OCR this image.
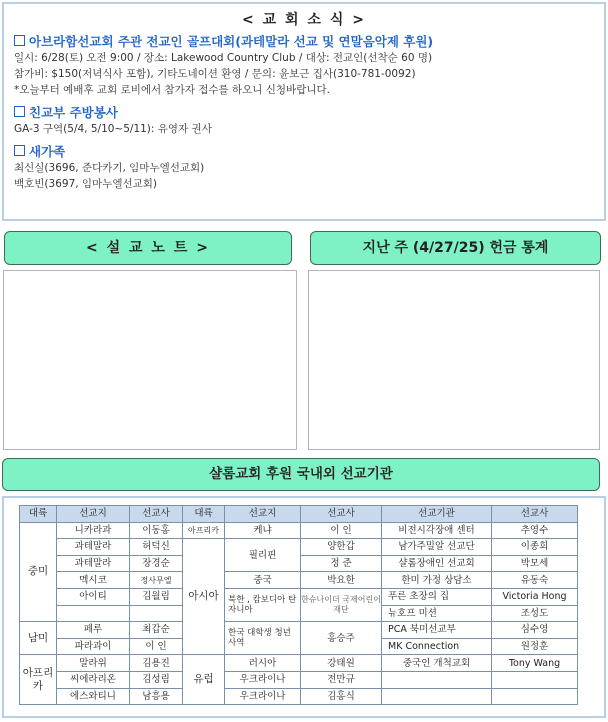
< 교 회 소 식 >
아브라함선교회 주관 전교인 골프대회(과테말라 선교 및 연말음악제 후원)
일시: 6/28(토) 오전 9:00 / 장소: Lakewood Country Club / 대상: 전교인(선착순 60 명)
참가비: $150(저녁식사 포함), 기타도네이션 환영 / 문의: 윤보근 집사(310-781-0092)
*오늘부터 예배후 교회 로비에서 참가자 접수를 하오니 신청바랍니다.
친교부 주방봉사
GA-3 구역(5/4, 5/10~5/11): 유영자 권사
새가족
최신실(3696, 준다카기, 임마누엘선교회)
백호빈(3697, 임마누엘선교회)
< 설 교 노 트 >	지난 주 (4/27/25) 헌금 통계
샬롬교회 후원 국내외 선교기관
대륙	선교지	선교사	대륙	선교지	선교사	선교기관	선교사
중미	니카라과	이동홍	아프리카	케냐	이 인	비전시각장애 센터	추영수
	과테말라	허덕신	아시아	필리핀	양한갑	남가주밀알 선교단	이종희
	과테말라	장경순			정 준	샬롬장애인 선교회	박모세
	멕시코	정사무엘		중국	박요한	한미 가정 상담소	유동숙
	아이티	김월림		북한 , 캄보디아 탄자니아	한슈나이더 국제어린이 재단	푸른 초장의 집	Victoria Hong
						뉴호프 미션	조성도
남미	페루	최갑순		한국 대학생 청년 사역	홍승주	PCA 북미선교부	심수영
	파라과이	이 인				MK Connection	원정훈
아프리카	말라위	김용진	유럽	러시아	강태원	중국인 개척교회	Tony Wang
	씨에라리온	김성림		우크라이나	전만규		
	에스와티니	남흥용		우크라이나	김홍식		
